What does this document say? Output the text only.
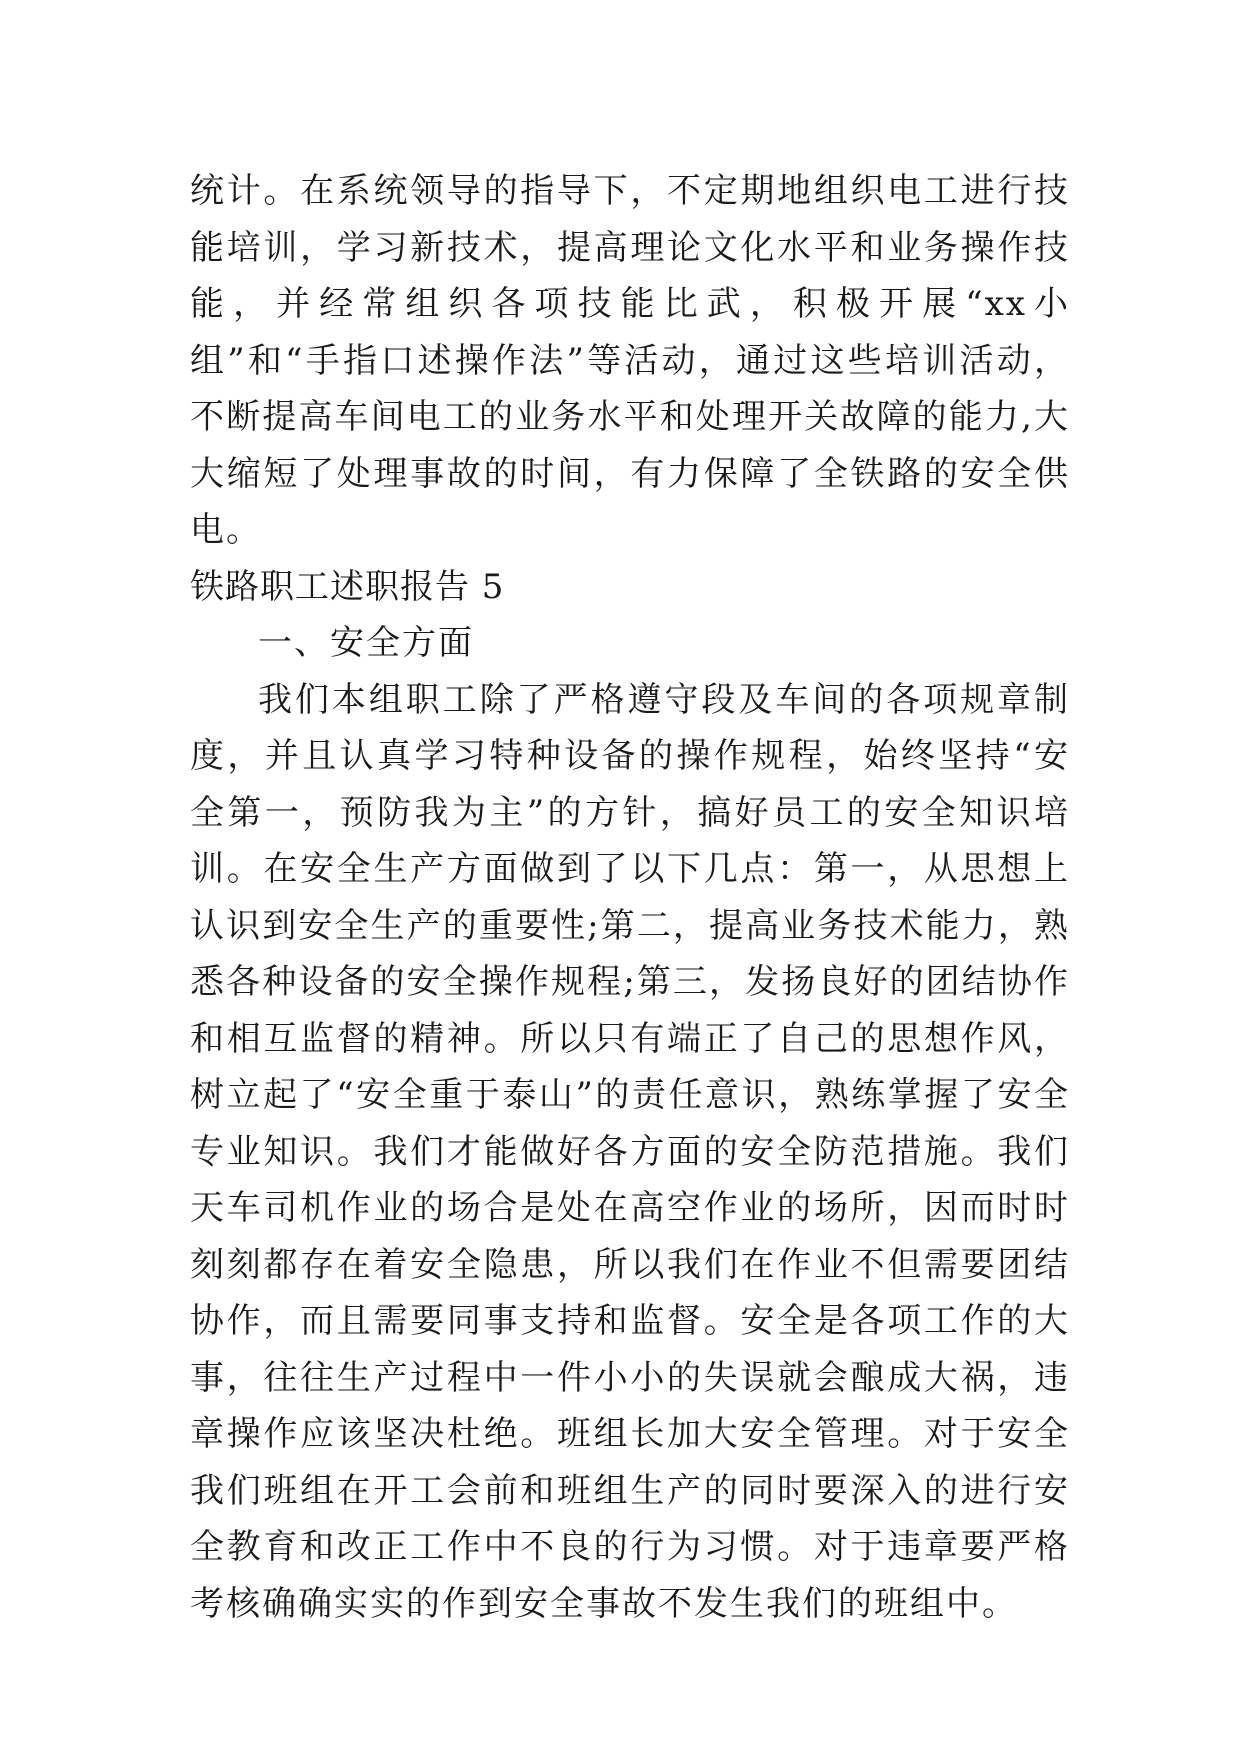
统计。在系统领导的指导下，不定期地组织电工进行技能培训，学习新技术，提高理论文化水平和业务操作技能，并经常组织各项技能比武，积极开展“xx小组”和“手指口述操作法”等活动，通过这些培训活动，不断提高车间电工的业务水平和处理开关故障的能力,大大缩短了处理事故的时间，有力保障了全铁路的安全供电。

铁路职工述职报告 5

一、安全方面

我们本组职工除了严格遵守段及车间的各项规章制度，并且认真学习特种设备的操作规程，始终坚持“安全第一，预防我为主”的方针，搞好员工的安全知识培训。在安全生产方面做到了以下几点：第一，从思想上认识到安全生产的重要性;第二，提高业务技术能力，熟悉各种设备的安全操作规程;第三，发扬良好的团结协作和相互监督的精神。所以只有端正了自己的思想作风，树立起了“安全重于泰山”的责任意识，熟练掌握了安全专业知识。我们才能做好各方面的安全防范措施。我们天车司机作业的场合是处在高空作业的场所，因而时时刻刻都存在着安全隐患，所以我们在作业不但需要团结协作，而且需要同事支持和监督。安全是各项工作的大事，往往生产过程中一件小小的失误就会酿成大祸，违章操作应该坚决杜绝。班组长加大安全管理。对于安全我们班组在开工会前和班组生产的同时要深入的进行安全教育和改正工作中不良的行为习惯。对于违章要严格考核确确实实的作到安全事故不发生我们的班组中。
